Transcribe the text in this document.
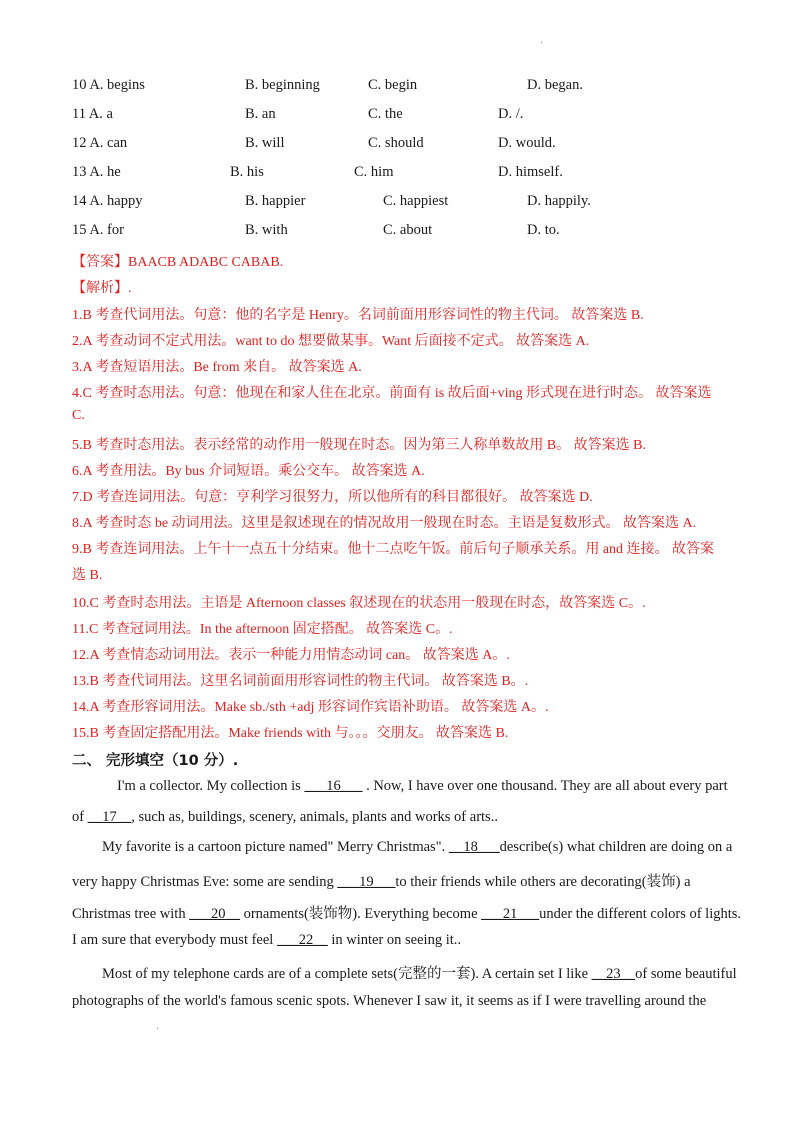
'
10 A. begins	B. beginning	C. begin	D. began.
11 A. a	B. an	C. the	D. /.
12 A. can	B. will	C. should	D. would.
13 A. he	B. his	C. him	D. himself.
14 A. happy	B. happier	C. happiest	D. happily.
15 A. for	B. with	C. about	D. to.
【答案】BAACB ADABC CABAB.
【解析】.
1.B 考查代词用法。句意：他的名字是 Henry。名词前面用形容词性的物主代词。 故答案选 B.
2.A 考查动词不定式用法。want to do 想要做某事。Want 后面接不定式。 故答案选 A.
3.A 考查短语用法。Be from 来自。 故答案选 A.
4.C 考查时态用法。句意：他现在和家人住在北京。前面有 is 故后面+ving 形式现在进行时态。 故答案选
C.
5.B 考查时态用法。表示经常的动作用一般现在时态。因为第三人称单数故用 B。 故答案选 B.
6.A 考查用法。By bus 介词短语。乘公交车。 故答案选 A.
7.D 考查连词用法。句意：亨利学习很努力，所以他所有的科目都很好。 故答案选 D.
8.A 考查时态 be 动词用法。这里是叙述现在的情况故用一般现在时态。主语是复数形式。 故答案选 A.
9.B 考查连词用法。上午十一点五十分结束。他十二点吃午饭。前后句子顺承关系。用 and 连接。 故答案
选 B.
10.C 考查时态用法。主语是 Afternoon classes 叙述现在的状态用一般现在时态，故答案选 C。.
11.C 考查冠词用法。In the afternoon 固定搭配。 故答案选 C。.
12.A 考查情态动词用法。表示一种能力用情态动词 can。 故答案选 A。.
13.B 考查代词用法。这里名词前面用形容词性的物主代词。 故答案选 B。.
14.A 考查形容词用法。Make sb./sth +adj 形容词作宾语补助语。 故答案选 A。.
15.B 考查固定搭配用法。Make friends with 与。。。交朋友。 故答案选 B.
二、 完形填空（10 分）.
I'm a collector. My collection is ___16___ . Now, I have over one thousand. They are all about every part
of __17__, such as, buildings, scenery, animals, plants and works of arts..
My favorite is a cartoon picture named" Merry Christmas". __18___describe(s) what children are doing on a
very happy Christmas Eve: some are sending ___19___to their friends while others are decorating(装饰) a
Christmas tree with ___20__ ornaments(装饰物). Everything become ___21___under the different colors of lights.
I am sure that everybody must feel ___22__ in winter on seeing it..
Most of my telephone cards are of a complete sets(完整的一套). A certain set I like __23__of some beautiful
photographs of the world's famous scenic spots. Whenever I saw it, it seems as if I were travelling around the
'
